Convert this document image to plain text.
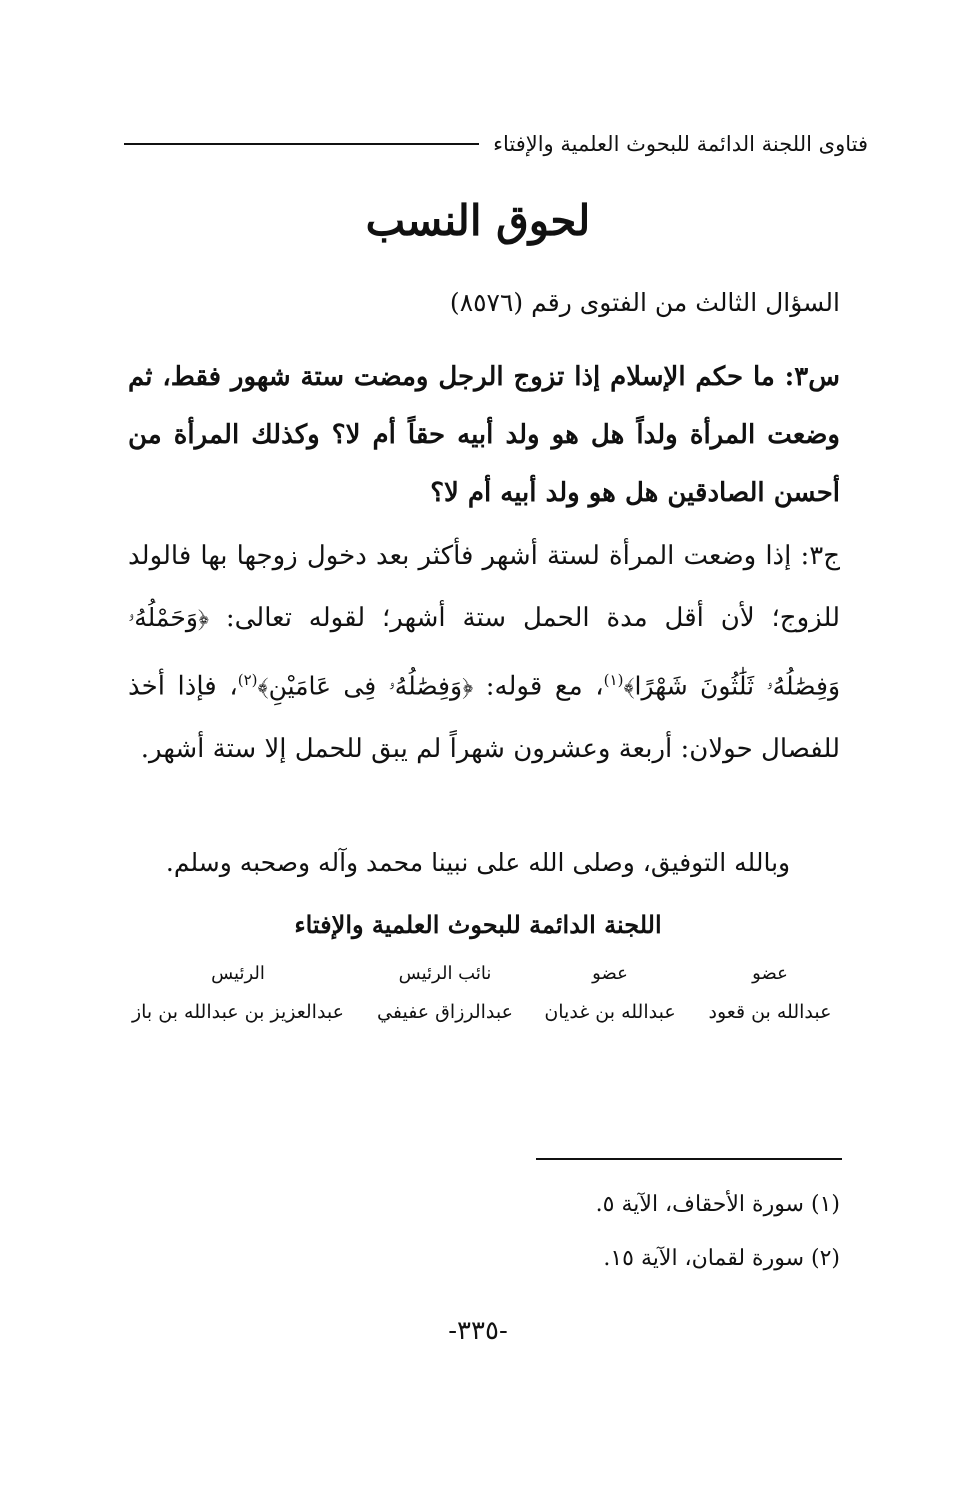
فتاوى اللجنة الدائمة للبحوث العلمية والإفتاء
لحوق النسب
السؤال الثالث من الفتوى رقم (٨٥٧٦)
س٣: ما حكم الإسلام إذا تزوج الرجل ومضت ستة شهور فقط، ثم وضعت المرأة ولداً هل هو ولد أبيه حقاً أم لا؟ وكذلك المرأة من أحسن الصادقين هل هو ولد أبيه أم لا؟
ج٣: إذا وضعت المرأة لستة أشهر فأكثر بعد دخول زوجها بها فالولد للزوج؛ لأن أقل مدة الحمل ستة أشهر؛ لقوله تعالى: ﴿وَحَمْلُهُۥ وَفِصَٰلُهُۥ ثَلَٰثُونَ شَهْرًا﴾$^{(١)}$، مع قوله: ﴿وَفِصَٰلُهُۥ فِى عَامَيْنِ﴾$^{(٢)}$، فإذا أخذ للفصال حولان: أربعة وعشرون شهراً لم يبق للحمل إلا ستة أشهر.
وبالله التوفيق، وصلى الله على نبينا محمد وآله وصحبه وسلم.
اللجنة الدائمة للبحوث العلمية والإفتاء
عضو
عبدالله بن قعود
عضو
عبدالله بن غديان
نائب الرئيس
عبدالرزاق عفيفي
الرئيس
عبدالعزيز بن عبدالله بن باز
(١) سورة الأحقاف، الآية ٥.
(٢) سورة لقمان، الآية ١٥.
-٣٣٥-
